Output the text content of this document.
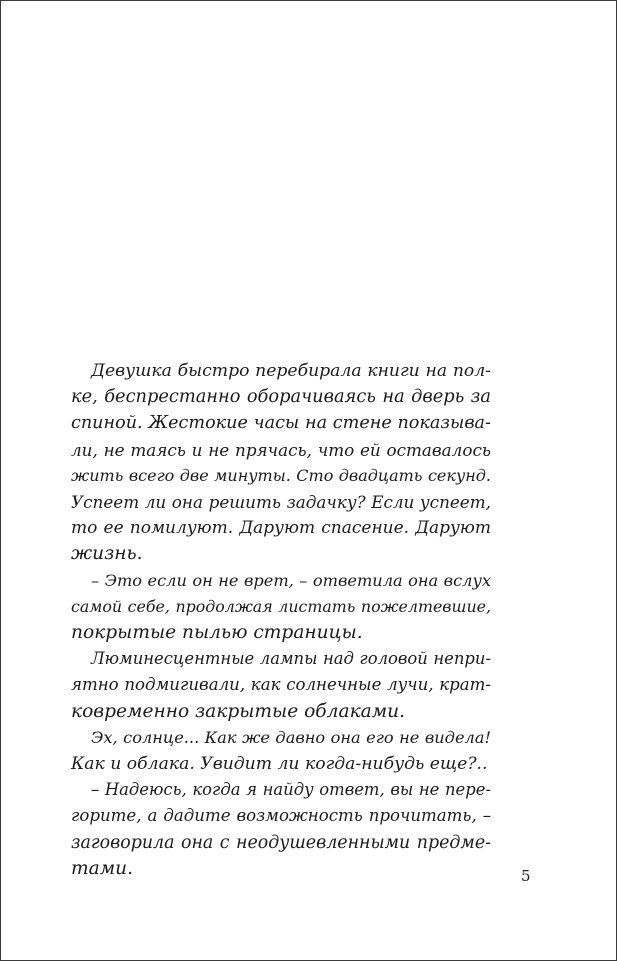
Девушка быстро перебирала книги на пол-
ке, беспрестанно оборачиваясь на дверь за
спиной. Жестокие часы на стене показыва-
ли, не таясь и не прячась, что ей оставалось
жить всего две минуты. Сто двадцать секунд.
Успеет ли она решить задачку? Если успеет,
то ее помилуют. Даруют спасение. Даруют
жизнь.
– Это если он не врет, – ответила она вслух
самой себе, продолжая листать пожелтевшие,
покрытые пылью страницы.
Люминесцентные лампы над головой непри-
ятно подмигивали, как солнечные лучи, крат-
ковременно закрытые облаками.
Эх, солнце... Как же давно она его не видела!
Как и облака. Увидит ли когда-нибудь еще?..
– Надеюсь, когда я найду ответ, вы не пере-
горите, а дадите возможность прочитать, –
заговорила она с неодушевленными предме-
тами.	5
